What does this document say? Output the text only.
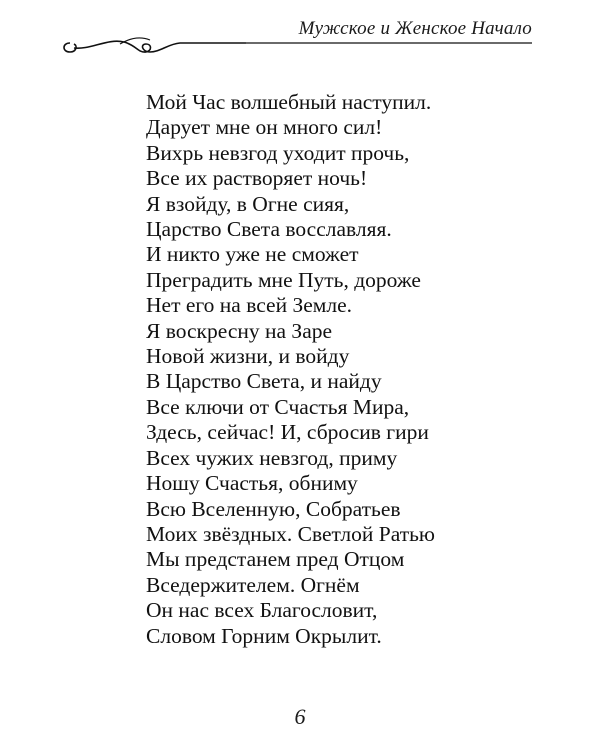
Мужское и Женское Начало
Мой Час волшебный наступил.
Дарует мне он много сил!
Вихрь невзгод уходит прочь,
Все их растворяет ночь!
Я взойду, в Огне сияя,
Царство Света восславляя.
И никто уже не сможет
Преградить мне Путь, дороже
Нет его на всей Земле.
Я воскресну на Заре
Новой жизни, и войду
В Царство Света, и найду
Все ключи от Счастья Мира,
Здесь, сейчас! И, сбросив гири
Всех чужих невзгод, приму
Ношу Счастья, обниму
Всю Вселенную, Собратьев
Моих звёздных. Светлой Ратью
Мы предстанем пред Отцом
Вседержителем. Огнём
Он нас всех Благословит,
Словом Горним Окрылит.
6
